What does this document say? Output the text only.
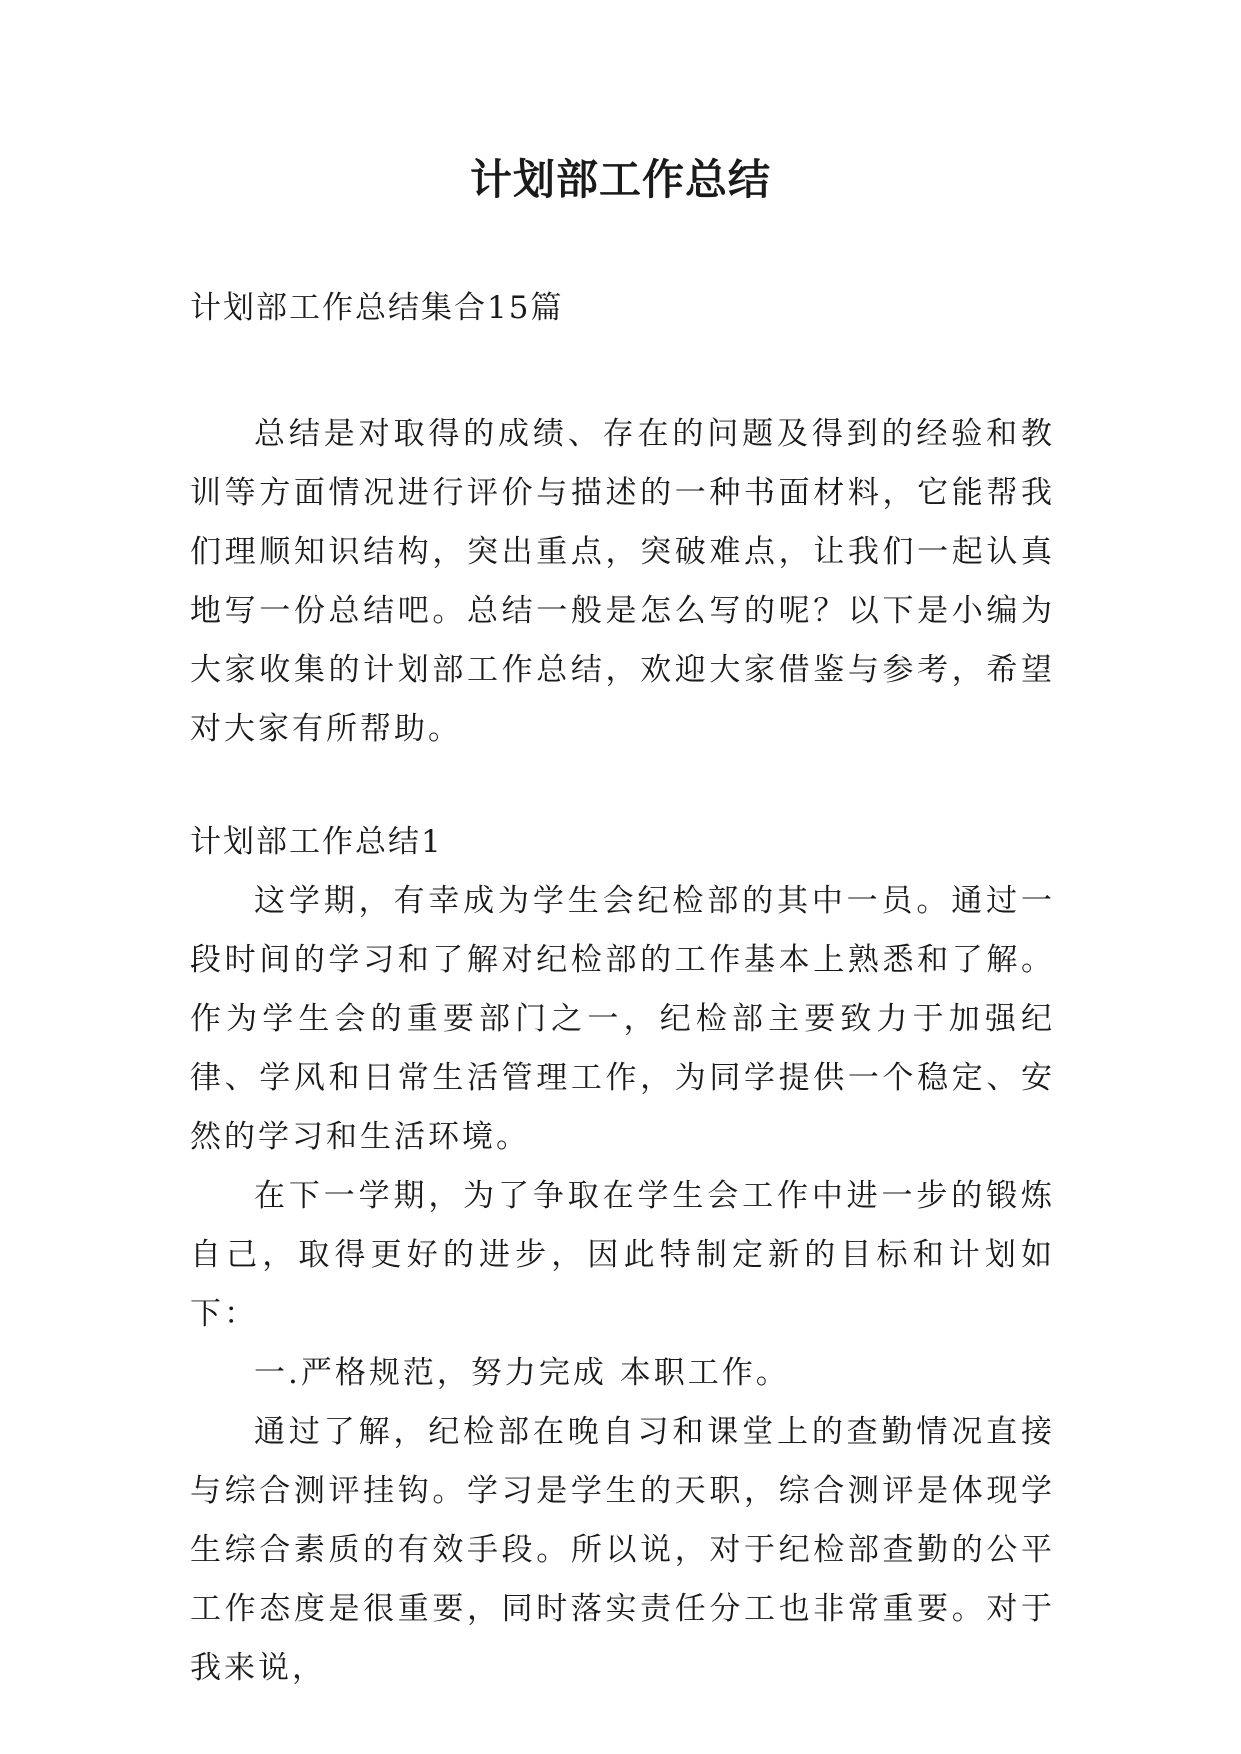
计划部工作总结

计划部工作总结集合15篇

总结是对取得的成绩、存在的问题及得到的经验和教训等方面情况进行评价与描述的一种书面材料，它能帮我们理顺知识结构，突出重点，突破难点，让我们一起认真地写一份总结吧。总结一般是怎么写的呢？以下是小编为大家收集的计划部工作总结，欢迎大家借鉴与参考，希望对大家有所帮助。

计划部工作总结1

这学期，有幸成为学生会纪检部的其中一员。通过一段时间的学习和了解对纪检部的工作基本上熟悉和了解。作为学生会的重要部门之一，纪检部主要致力于加强纪律、学风和日常生活管理工作，为同学提供一个稳定、安然的学习和生活环境。

在下一学期，为了争取在学生会工作中进一步的锻炼自己，取得更好的进步，因此特制定新的目标和计划如下：

一.严格规范，努力完成 本职工作。

通过了解，纪检部在晚自习和课堂上的查勤情况直接与综合测评挂钩。学习是学生的天职，综合测评是体现学生综合素质的有效手段。所以说，对于纪检部查勤的公平工作态度是很重要，同时落实责任分工也非常重要。对于我来说，
